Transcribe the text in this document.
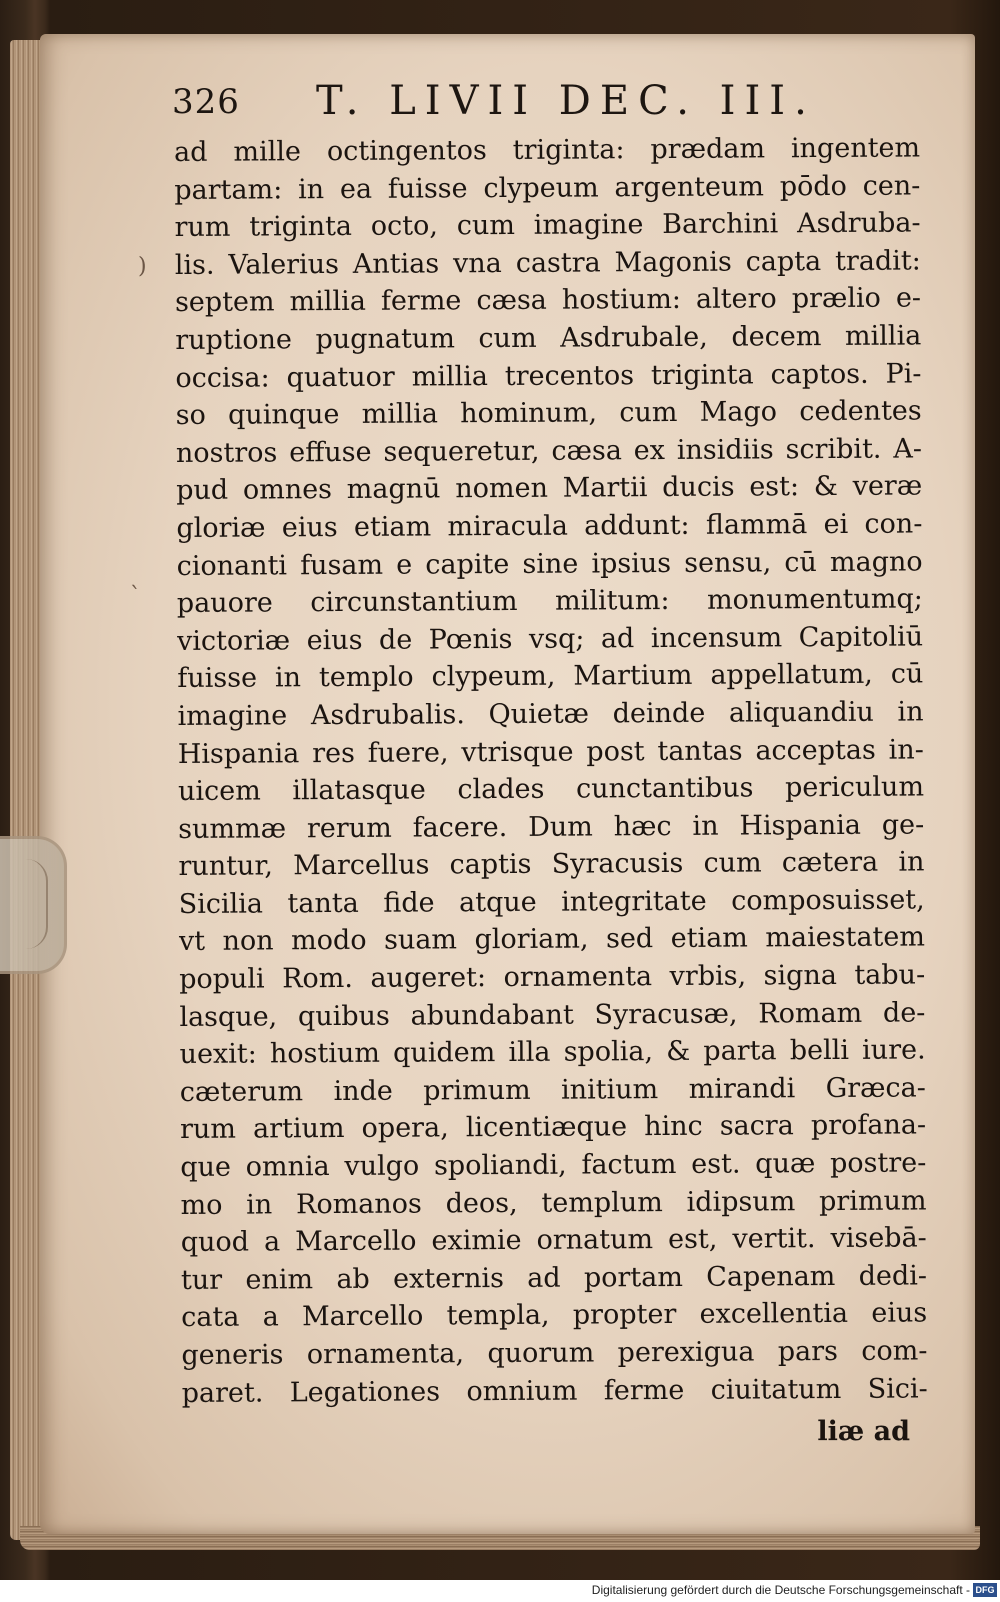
326 T. LIVII DEC. III.
)
`
ad mille octingentos triginta: prædam ingentem
partam: in ea fuisse clypeum argenteum pōdo cen-
rum triginta octo, cum imagine Barchini Asdruba-
lis. Valerius Antias vna castra Magonis capta tradit:
septem millia ferme cæsa hostium: altero prælio e-
ruptione pugnatum cum Asdrubale, decem millia
occisa: quatuor millia trecentos triginta captos. Pi-
so quinque millia hominum, cum Mago cedentes
nostros effuse sequeretur, cæsa ex insidiis scribit. A-
pud omnes magnū nomen Martii ducis est: & veræ
gloriæ eius etiam miracula addunt: flammā ei con-
cionanti fusam e capite sine ipsius sensu, cū magno
pauore circunstantium militum: monumentumq;
victoriæ eius de Pœnis vsq; ad incensum Capitoliū
fuisse in templo clypeum, Martium appellatum, cū
imagine Asdrubalis. Quietæ deinde aliquandiu in
Hispania res fuere, vtrisque post tantas acceptas in-
uicem illatasque clades cunctantibus periculum
summæ rerum facere. Dum hæc in Hispania ge-
runtur, Marcellus captis Syracusis cum cætera in
Sicilia tanta fide atque integritate composuisset,
vt non modo suam gloriam, sed etiam maiestatem
populi Rom. augeret: ornamenta vrbis, signa tabu-
lasque, quibus abundabant Syracusæ, Romam de-
uexit: hostium quidem illa spolia, & parta belli iure.
cæterum inde primum initium mirandi Græca-
rum artium opera, licentiæque hinc sacra profana-
que omnia vulgo spoliandi, factum est. quæ postre-
mo in Romanos deos, templum idipsum primum
quod a Marcello eximie ornatum est, vertit. visebā-
tur enim ab externis ad portam Capenam dedi-
cata a Marcello templa, propter excellentia eius
generis ornamenta, quorum perexigua pars com-
paret. Legationes omnium ferme ciuitatum Sici-
liæ ad
Digitalisierung gefördert durch die Deutsche Forschungsgemeinschaft - DFG
